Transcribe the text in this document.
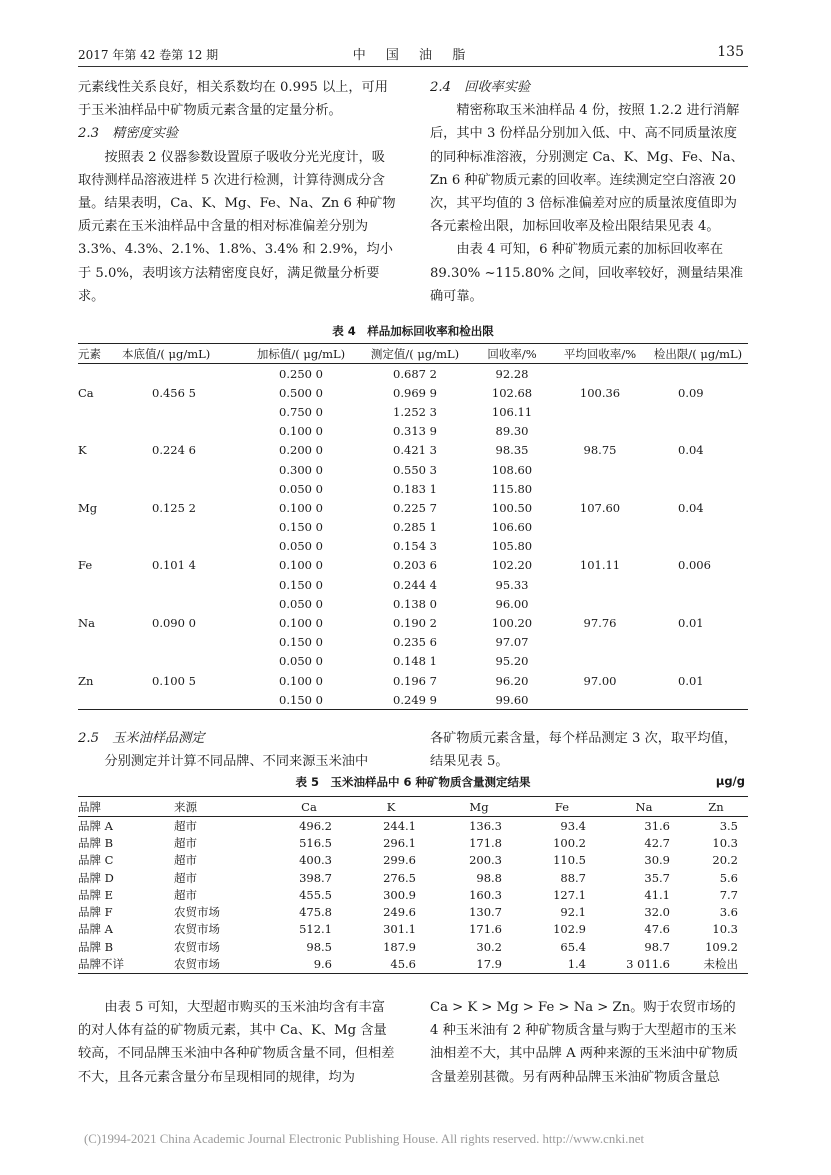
2017 年第 42 卷第 12 期	中 国 油 脂	135

元素线性关系良好，相关系数均在 0.995 以上，可用于玉米油样品中矿物质元素含量的定量分析。

2.3　精密度实验

按照表 2 仪器参数设置原子吸收分光光度计，吸取待测样品溶液进样 5 次进行检测，计算待测成分含量。结果表明，Ca、K、Mg、Fe、Na、Zn 6 种矿物质元素在玉米油样品中含量的相对标准偏差分别为 3.3%、4.3%、2.1%、1.8%、3.4% 和 2.9%，均小于 5.0%，表明该方法精密度良好，满足微量分析要求。

2.4　回收率实验

精密称取玉米油样品 4 份，按照 1.2.2 进行消解后，其中 3 份样品分别加入低、中、高不同质量浓度的同种标准溶液，分别测定 Ca、K、Mg、Fe、Na、Zn 6 种矿物质元素的回收率。连续测定空白溶液 20 次，其平均值的 3 倍标准偏差对应的质量浓度值即为各元素检出限，加标回收率及检出限结果见表 4。

由表 4 可知，6 种矿物质元素的加标回收率在 89.30% ~115.80% 之间，回收率较好，测量结果准确可靠。

表 4　样品加标回收率和检出限
元素	本底值/( μg/mL)	加标值/( μg/mL)	测定值/( μg/mL)	回收率/%	平均回收率/%	检出限/( μg/mL)
Ca	0.456 5	0.250 0	0.687 2	92.28	100.36	0.09
		0.500 0	0.969 9	102.68		
		0.750 0	1.252 3	106.11		
K	0.224 6	0.100 0	0.313 9	89.30	98.75	0.04
		0.200 0	0.421 3	98.35		
		0.300 0	0.550 3	108.60		
Mg	0.125 2	0.050 0	0.183 1	115.80	107.60	0.04
		0.100 0	0.225 7	100.50		
		0.150 0	0.285 1	106.60		
Fe	0.101 4	0.050 0	0.154 3	105.80	101.11	0.006
		0.100 0	0.203 6	102.20		
		0.150 0	0.244 4	95.33		
Na	0.090 0	0.050 0	0.138 0	96.00	97.76	0.01
		0.100 0	0.190 2	100.20		
		0.150 0	0.235 6	97.07		
Zn	0.100 5	0.050 0	0.148 1	95.20	97.00	0.01
		0.100 0	0.196 7	96.20		
		0.150 0	0.249 9	99.60		

2.5　玉米油样品测定

分别测定并计算不同品牌、不同来源玉米油中

各矿物质元素含量，每个样品测定 3 次，取平均值，结果见表 5。

表 5　玉米油样品中 6 种矿物质含量测定结果	μg/g
品牌	来源	Ca	K	Mg	Fe	Na	Zn
品牌 A	超市	496.2	244.1	136.3	93.4	31.6	3.5
品牌 B	超市	516.5	296.1	171.8	100.2	42.7	10.3
品牌 C	超市	400.3	299.6	200.3	110.5	30.9	20.2
品牌 D	超市	398.7	276.5	98.8	88.7	35.7	5.6
品牌 E	超市	455.5	300.9	160.3	127.1	41.1	7.7
品牌 F	农贸市场	475.8	249.6	130.7	92.1	32.0	3.6
品牌 A	农贸市场	512.1	301.1	171.6	102.9	47.6	10.3
品牌 B	农贸市场	98.5	187.9	30.2	65.4	98.7	109.2
品牌不详	农贸市场	9.6	45.6	17.9	1.4	3 011.6	未检出

由表 5 可知，大型超市购买的玉米油均含有丰富的对人体有益的矿物质元素，其中 Ca、K、Mg 含量较高，不同品牌玉米油中各种矿物质含量不同，但相差不大，且各元素含量分布呈现相同的规律，均为

Ca > K > Mg > Fe > Na > Zn。购于农贸市场的 4 种玉米油有 2 种矿物质含量与购于大型超市的玉米油相差不大，其中品牌 A 两种来源的玉米油中矿物质含量差别甚微。另有两种品牌玉米油矿物质含量总

(C)1994-2021 China Academic Journal Electronic Publishing House. All rights reserved. http://www.cnki.net
